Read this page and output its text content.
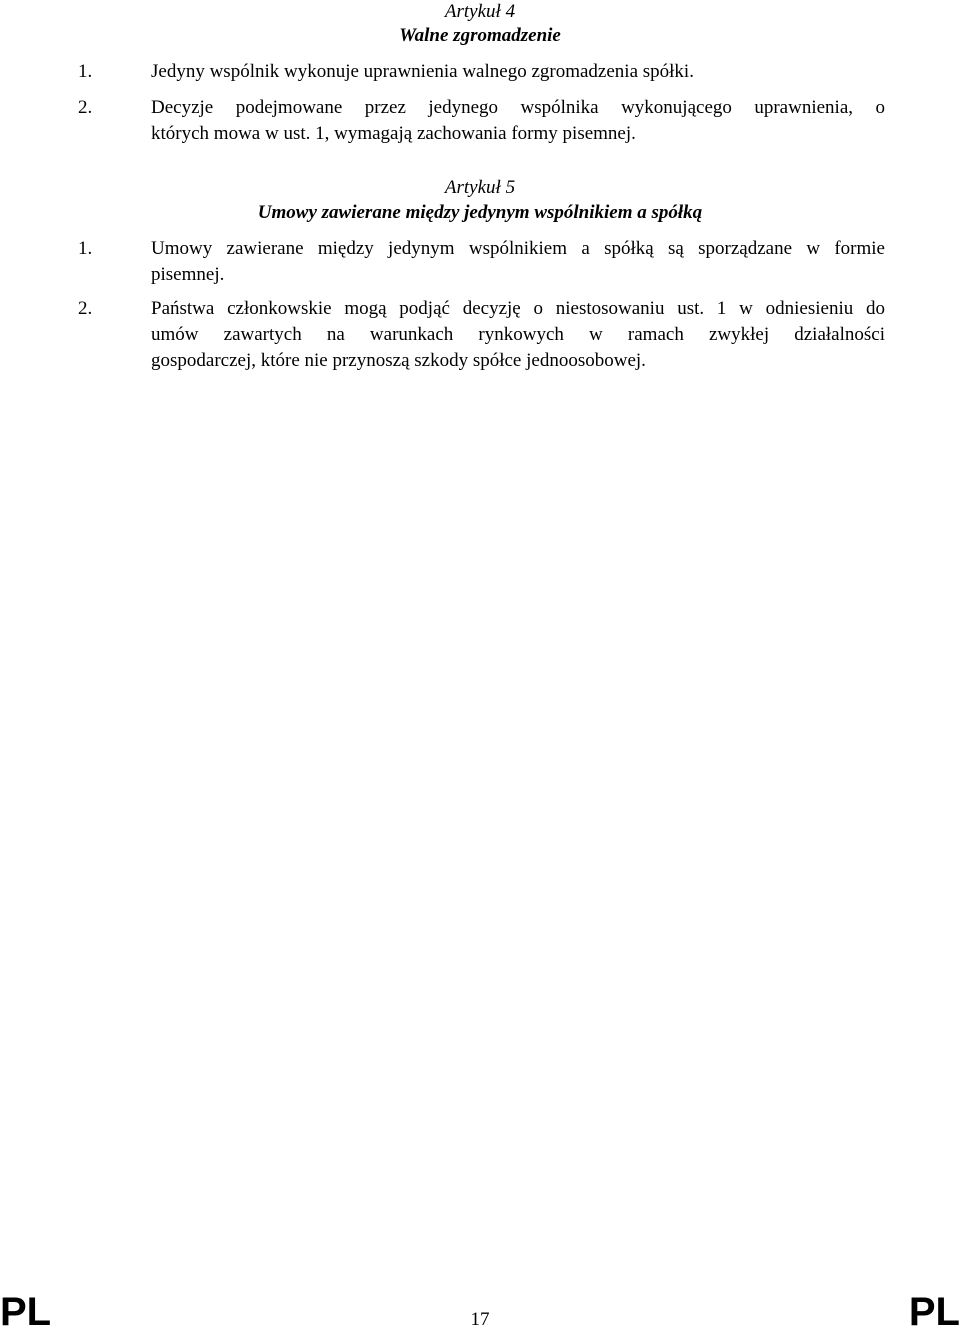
Artykuł 4
Walne zgromadzenie
1.	Jedyny wspólnik wykonuje uprawnienia walnego zgromadzenia spółki.
2.	Decyzje podejmowane przez jedynego wspólnika wykonującego uprawnienia, o
których mowa w ust. 1, wymagają zachowania formy pisemnej.
Artykuł 5
Umowy zawierane między jedynym wspólnikiem a spółką
1.	Umowy zawierane między jedynym wspólnikiem a spółką są sporządzane w formie
pisemnej.
2.	Państwa członkowskie mogą podjąć decyzję o niestosowaniu ust. 1 w odniesieniu do
umów zawartych na warunkach rynkowych w ramach zwykłej działalności
gospodarczej, które nie przynoszą szkody spółce jednoosobowej.
PL	17	PL
